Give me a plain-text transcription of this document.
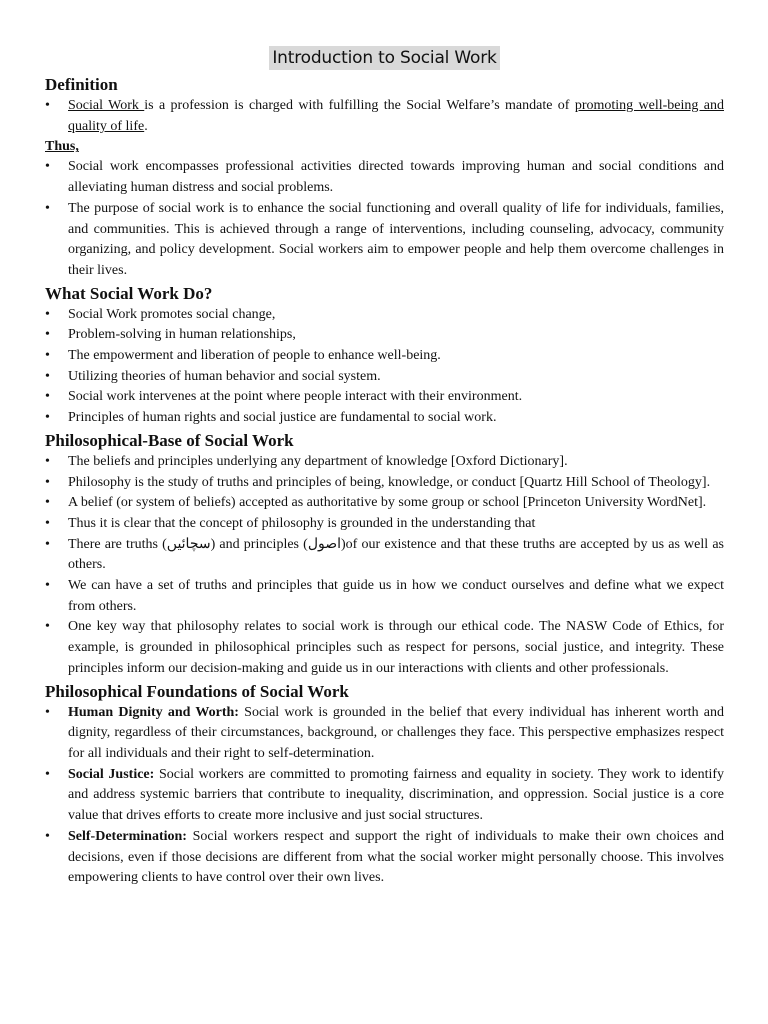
Introduction to Social Work
Definition
• Social Work is a profession is charged with fulfilling the Social Welfare’s mandate of promoting well-being and quality of life.
Thus,
• Social work encompasses professional activities directed towards improving human and social conditions and alleviating human distress and social problems.
• The purpose of social work is to enhance the social functioning and overall quality of life for individuals, families, and communities. This is achieved through a range of interventions, including counseling, advocacy, community organizing, and policy development. Social workers aim to empower people and help them overcome challenges in their lives.
What Social Work Do?
• Social Work promotes social change,
• Problem-solving in human relationships,
• The empowerment and liberation of people to enhance well-being.
• Utilizing theories of human behavior and social system.
• Social work intervenes at the point where people interact with their environment.
• Principles of human rights and social justice are fundamental to social work.
Philosophical-Base of Social Work
• The beliefs and principles underlying any department of knowledge [Oxford Dictionary].
• Philosophy is the study of truths and principles of being, knowledge, or conduct [Quartz Hill School of Theology].
• A belief (or system of beliefs) accepted as authoritative by some group or school [Princeton University WordNet].
• Thus it is clear that the concept of philosophy is grounded in the understanding that
• There are truths (سچائیں) and principles (اصول)of our existence and that these truths are accepted by us as well as others.
• We can have a set of truths and principles that guide us in how we conduct ourselves and define what we expect from others.
• One key way that philosophy relates to social work is through our ethical code. The NASW Code of Ethics, for example, is grounded in philosophical principles such as respect for persons, social justice, and integrity. These principles inform our decision-making and guide us in our interactions with clients and other professionals.
Philosophical Foundations of Social Work
• Human Dignity and Worth: Social work is grounded in the belief that every individual has inherent worth and dignity, regardless of their circumstances, background, or challenges they face. This perspective emphasizes respect for all individuals and their right to self-determination.
• Social Justice: Social workers are committed to promoting fairness and equality in society. They work to identify and address systemic barriers that contribute to inequality, discrimination, and oppression. Social justice is a core value that drives efforts to create more inclusive and just social structures.
• Self-Determination: Social workers respect and support the right of individuals to make their own choices and decisions, even if those decisions are different from what the social worker might personally choose. This involves empowering clients to have control over their own lives.
